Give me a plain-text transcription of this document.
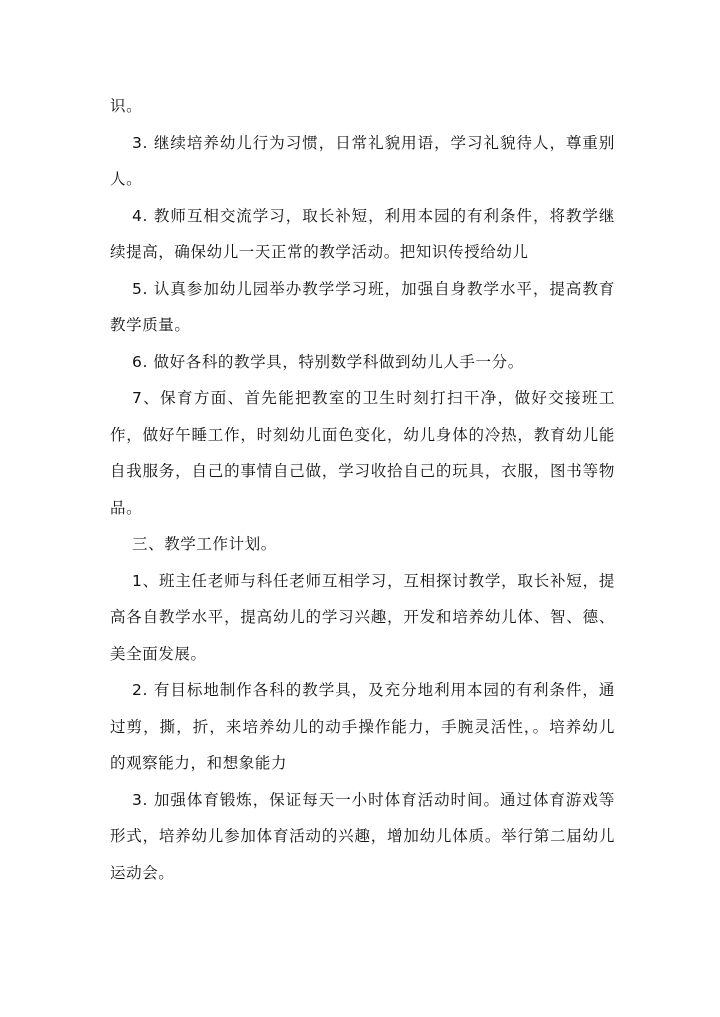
识。

3. 继续培养幼儿行为习惯，日常礼貌用语，学习礼貌待人，尊重别人。

4. 教师互相交流学习，取长补短，利用本园的有利条件，将教学继续提高，确保幼儿一天正常的教学活动。把知识传授给幼儿

5. 认真参加幼儿园举办教学学习班，加强自身教学水平，提高教育教学质量。

6. 做好各科的教学具，特别数学科做到幼儿人手一分。

7、保育方面、首先能把教室的卫生时刻打扫干净，做好交接班工作，做好午睡工作，时刻幼儿面色变化，幼儿身体的冷热，教育幼儿能自我服务，自己的事情自己做，学习收拾自己的玩具，衣服，图书等物品。

三、教学工作计划。

1、班主任老师与科任老师互相学习，互相探讨教学，取长补短，提高各自教学水平，提高幼儿的学习兴趣，开发和培养幼儿体、智、德、美全面发展。

2. 有目标地制作各科的教学具，及充分地利用本园的有利条件，通过剪，撕，折，来培养幼儿的动手操作能力，手腕灵活性，。培养幼儿的观察能力，和想象能力

3. 加强体育锻炼，保证每天一小时体育活动时间。通过体育游戏等形式，培养幼儿参加体育活动的兴趣，增加幼儿体质。举行第二届幼儿运动会。
